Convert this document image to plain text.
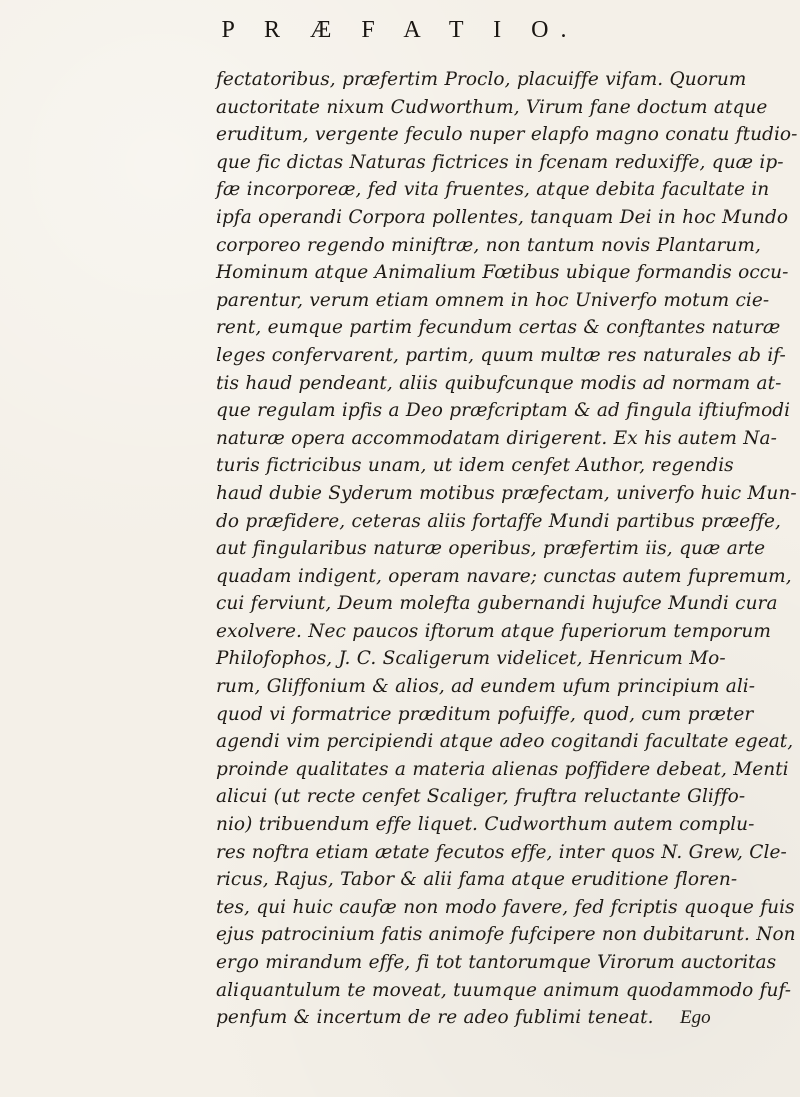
P R Æ F A T I O.
fectatoribus, præfertim Proclo, placuiffe vifam. Quorum
auctoritate nixum Cudworthum, Virum fane doctum atque
eruditum, vergente feculo nuper elapfo magno conatu ftudio-
que fic dictas Naturas fictrices in fcenam reduxiffe, quæ ip-
fæ incorporeæ, fed vita fruentes, atque debita facultate in
ipfa operandi Corpora pollentes, tanquam Dei in hoc Mundo
corporeo regendo miniftræ, non tantum novis Plantarum,
Hominum atque Animalium Fœtibus ubique formandis occu-
parentur, verum etiam omnem in hoc Univerfo motum cie-
rent, eumque partim fecundum certas & conftantes naturæ
leges confervarent, partim, quum multæ res naturales ab if-
tis haud pendeant, aliis quibufcunque modis ad normam at-
que regulam ipfis a Deo præfcriptam & ad fingula iftiufmodi
naturæ opera accommodatam dirigerent. Ex his autem Na-
turis fictricibus unam, ut idem cenfet Author, regendis
haud dubie Syderum motibus præfectam, univerfo huic Mun-
do præfidere, ceteras aliis fortaffe Mundi partibus præeffe,
aut fingularibus naturæ operibus, præfertim iis, quæ arte
quadam indigent, operam navare; cunctas autem fupremum,
cui ferviunt, Deum molefta gubernandi hujufce Mundi cura
exolvere. Nec paucos iftorum atque fuperiorum temporum
Philofophos, J. C. Scaligerum videlicet, Henricum Mo-
rum, Gliffonium & alios, ad eundem ufum principium ali-
quod vi formatrice præditum pofuiffe, quod, cum præter
agendi vim percipiendi atque adeo cogitandi facultate egeat,
proinde qualitates a materia alienas poffidere debeat, Menti
alicui (ut recte cenfet Scaliger, fruftra reluctante Gliffo-
nio) tribuendum effe liquet. Cudworthum autem complu-
res noftra etiam ætate fecutos effe, inter quos N. Grew, Cle-
ricus, Rajus, Tabor & alii fama atque eruditione floren-
tes, qui huic caufæ non modo favere, fed fcriptis quoque fuis
ejus patrocinium fatis animofe fufcipere non dubitarunt. Non
ergo mirandum effe, fi tot tantorumque Virorum auctoritas
aliquantulum te moveat, tuumque animum quodammodo fuf-
penfum & incertum de re adeo fublimi teneat.	Ego
